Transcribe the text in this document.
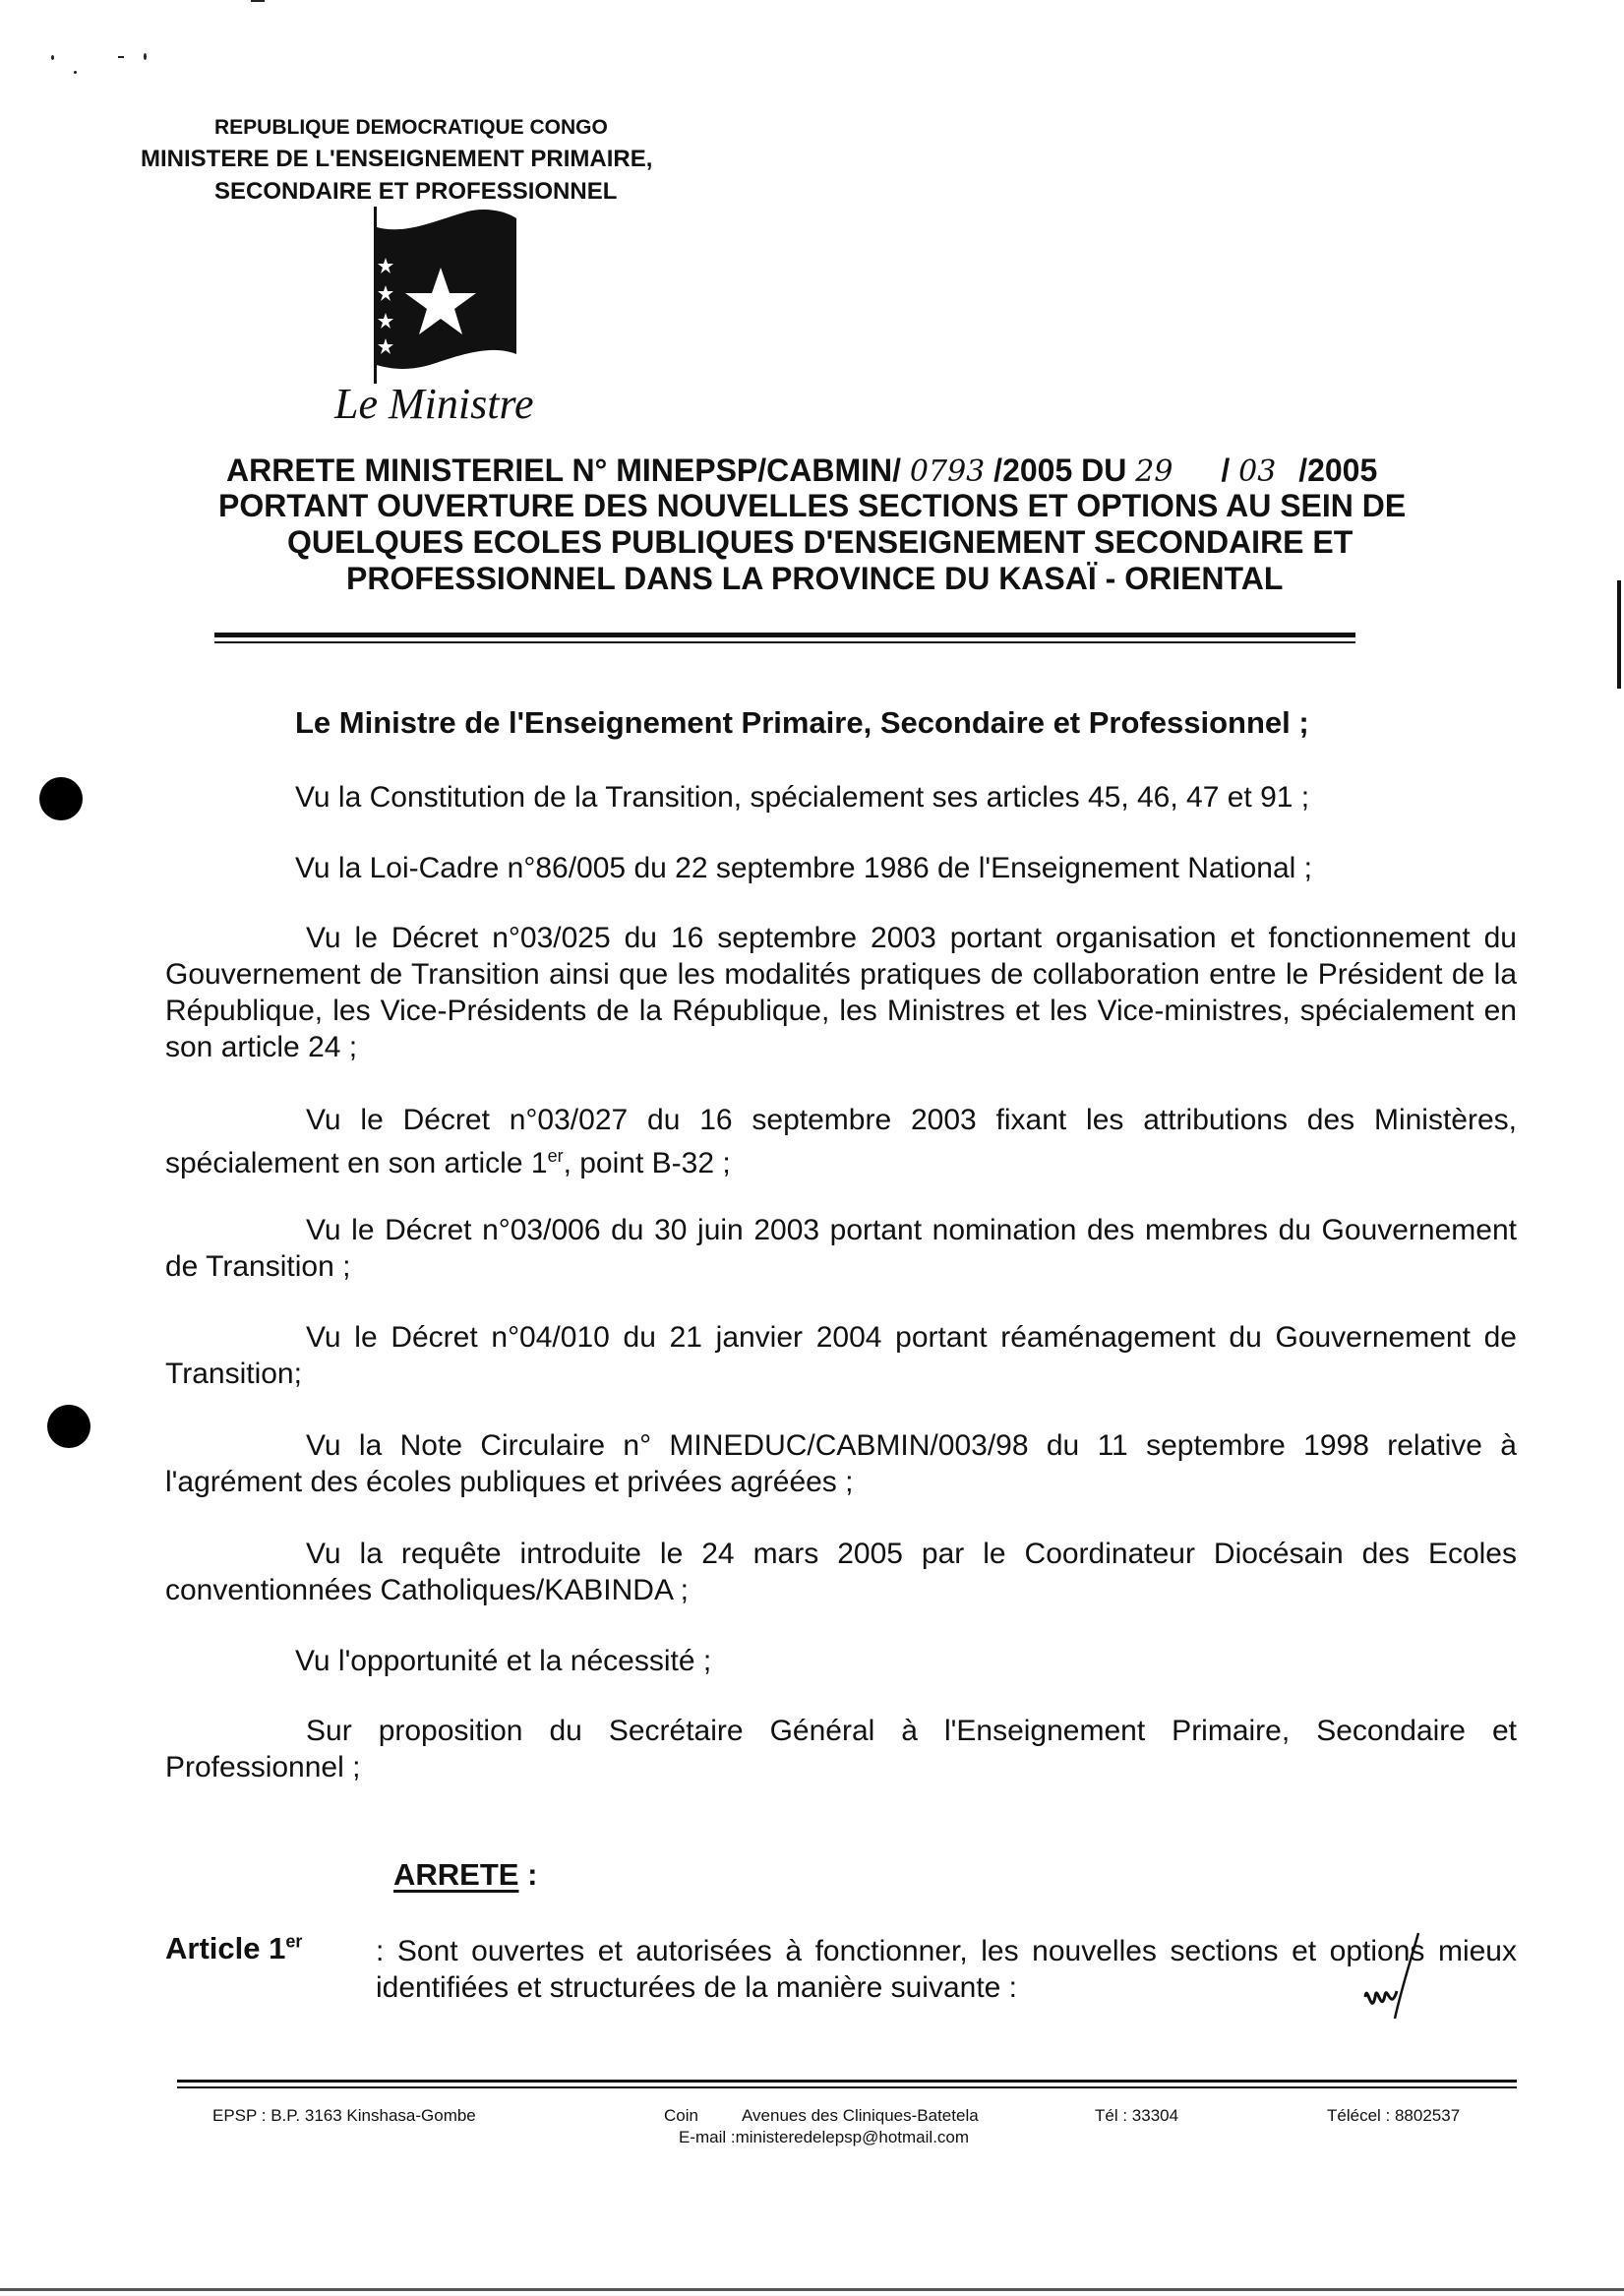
REPUBLIQUE DEMOCRATIQUE CONGO
MINISTERE DE L'ENSEIGNEMENT PRIMAIRE,
SECONDAIRE ET PROFESSIONNEL
Le Ministre
ARRETE MINISTERIEL N° MINEPSP/CABMIN/ 0793 /2005 DU 29 / 03 /2005
PORTANT OUVERTURE DES NOUVELLES SECTIONS ET OPTIONS AU SEIN DE
QUELQUES ECOLES PUBLIQUES D'ENSEIGNEMENT SECONDAIRE ET
PROFESSIONNEL DANS LA PROVINCE DU KASAÏ - ORIENTAL
Le Ministre de l'Enseignement Primaire, Secondaire et Professionnel ;
Vu la Constitution de la Transition, spécialement ses articles 45, 46, 47 et 91 ;
Vu la Loi-Cadre n°86/005 du 22 septembre 1986 de l'Enseignement National ;
Vu le Décret n°03/025 du 16 septembre 2003 portant organisation et fonctionnement du Gouvernement de Transition ainsi que les modalités pratiques de collaboration entre le Président de la République, les Vice-Présidents de la République, les Ministres et les Vice-ministres, spécialement en son article 24 ;
Vu le Décret n°03/027 du 16 septembre 2003 fixant les attributions des Ministères, spécialement en son article 1er, point B-32 ;
Vu le Décret n°03/006 du 30 juin 2003 portant nomination des membres du Gouvernement de Transition ;
Vu le Décret n°04/010 du 21 janvier 2004 portant réaménagement du Gouvernement de Transition;
Vu la Note Circulaire n° MINEDUC/CABMIN/003/98 du 11 septembre 1998 relative à l'agrément des écoles publiques et privées agréées ;
Vu la requête introduite le 24 mars 2005 par le Coordinateur Diocésain des Ecoles conventionnées Catholiques/KABINDA ;
Vu l'opportunité et la nécessité ;
Sur proposition du Secrétaire Général à l'Enseignement Primaire, Secondaire et Professionnel ;
ARRETE :
Article 1er : Sont ouvertes et autorisées à fonctionner, les nouvelles sections et options mieux identifiées et structurées de la manière suivante :
EPSP : B.P. 3163 Kinshasa-Gombe	Coin	Avenues des Cliniques-Batetela
E-mail :ministeredelepsp@hotmail.com
Tél : 33304	Télécel : 8802537
